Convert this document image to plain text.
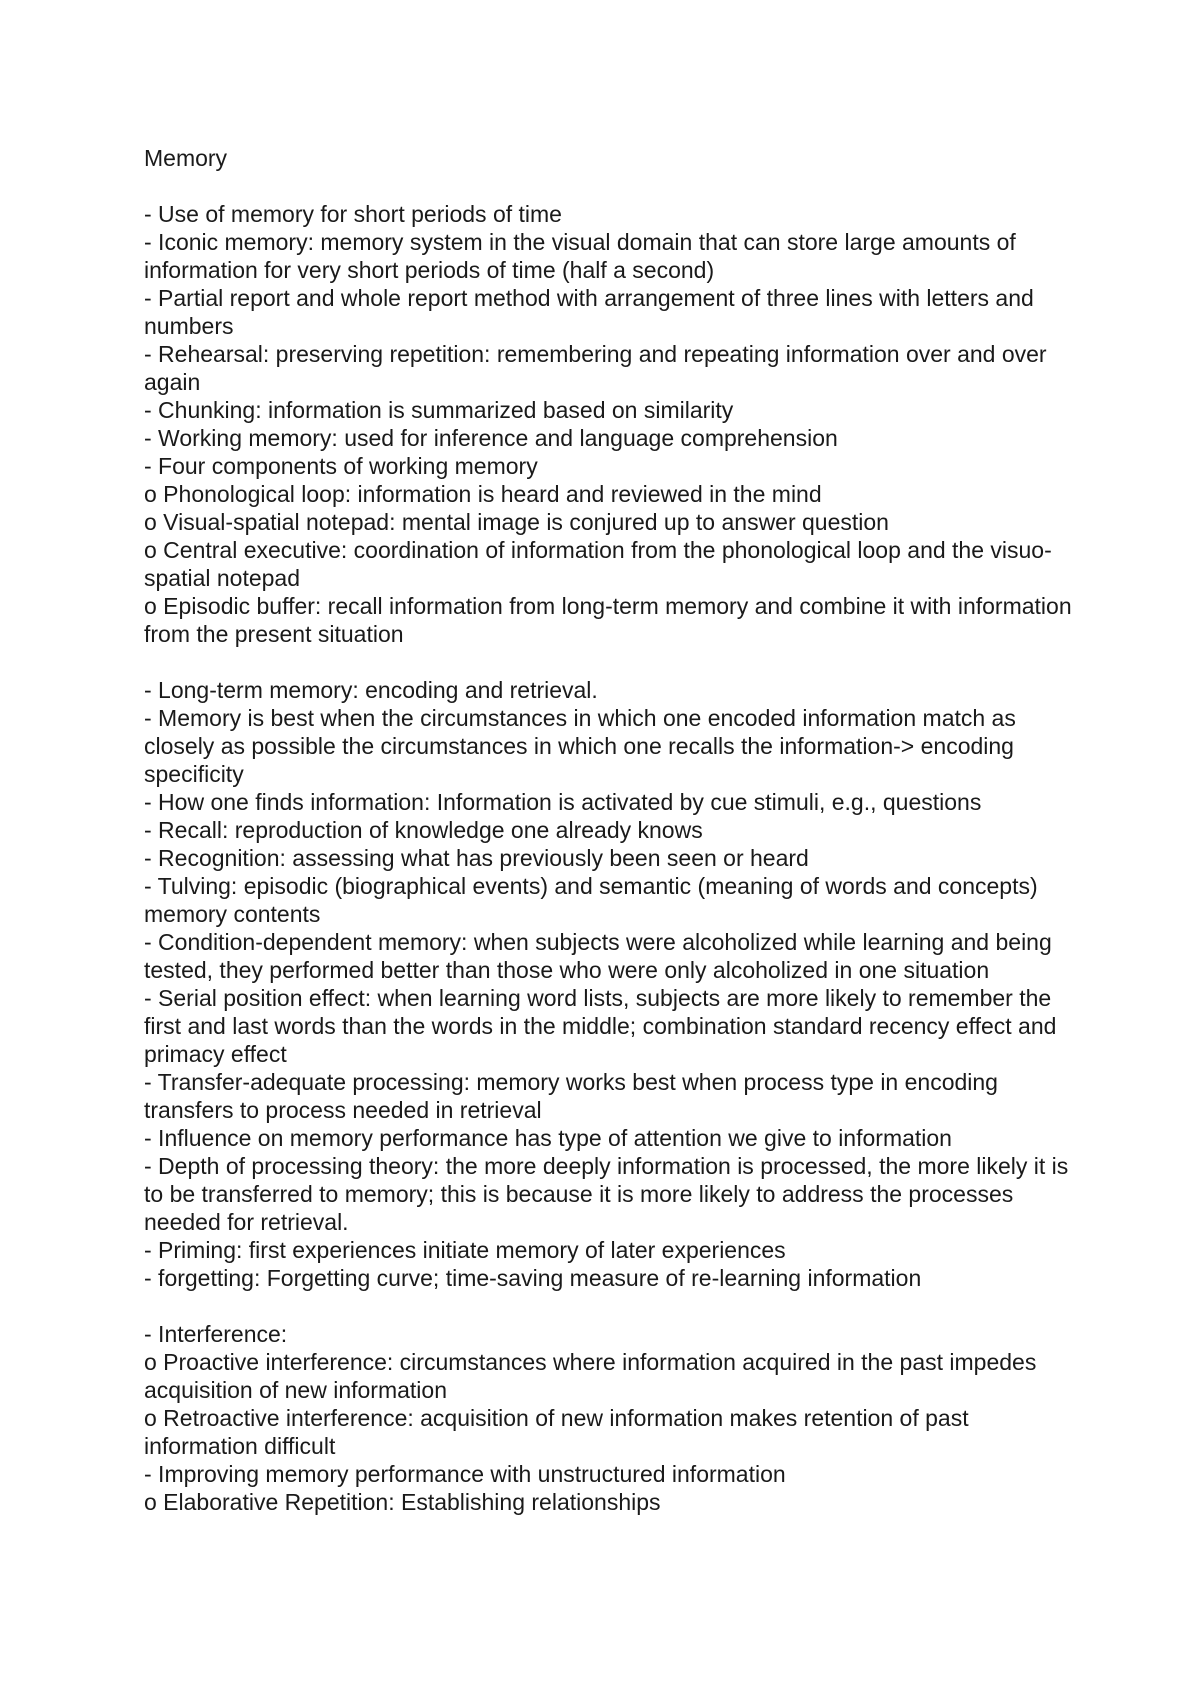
Memory

- Use of memory for short periods of time

- Iconic memory: memory system in the visual domain that can store large amounts of information for very short periods of time (half a second)

- Partial report and whole report method with arrangement of three lines with letters and numbers

- Rehearsal: preserving repetition: remembering and repeating information over and over again

- Chunking: information is summarized based on similarity

- Working memory: used for inference and language comprehension

- Four components of working memory

o Phonological loop: information is heard and reviewed in the mind

o Visual-spatial notepad: mental image is conjured up to answer question

o Central executive: coordination of information from the phonological loop and the visuo-spatial notepad

o Episodic buffer: recall information from long-term memory and combine it with information from the present situation

- Long-term memory: encoding and retrieval.

- Memory is best when the circumstances in which one encoded information match as closely as possible the circumstances in which one recalls the information-> encoding specificity

- How one finds information: Information is activated by cue stimuli, e.g., questions

- Recall: reproduction of knowledge one already knows

- Recognition: assessing what has previously been seen or heard

- Tulving: episodic (biographical events) and semantic (meaning of words and concepts) memory contents

- Condition-dependent memory: when subjects were alcoholized while learning and being tested, they performed better than those who were only alcoholized in one situation

- Serial position effect: when learning word lists, subjects are more likely to remember the first and last words than the words in the middle; combination standard recency effect and primacy effect

- Transfer-adequate processing: memory works best when process type in encoding transfers to process needed in retrieval

- Influence on memory performance has type of attention we give to information

- Depth of processing theory: the more deeply information is processed, the more likely it is to be transferred to memory; this is because it is more likely to address the processes needed for retrieval.

- Priming: first experiences initiate memory of later experiences

- forgetting: Forgetting curve; time-saving measure of re-learning information

- Interference:

o Proactive interference: circumstances where information acquired in the past impedes acquisition of new information

o Retroactive interference: acquisition of new information makes retention of past information difficult

- Improving memory performance with unstructured information

o Elaborative Repetition: Establishing relationships
